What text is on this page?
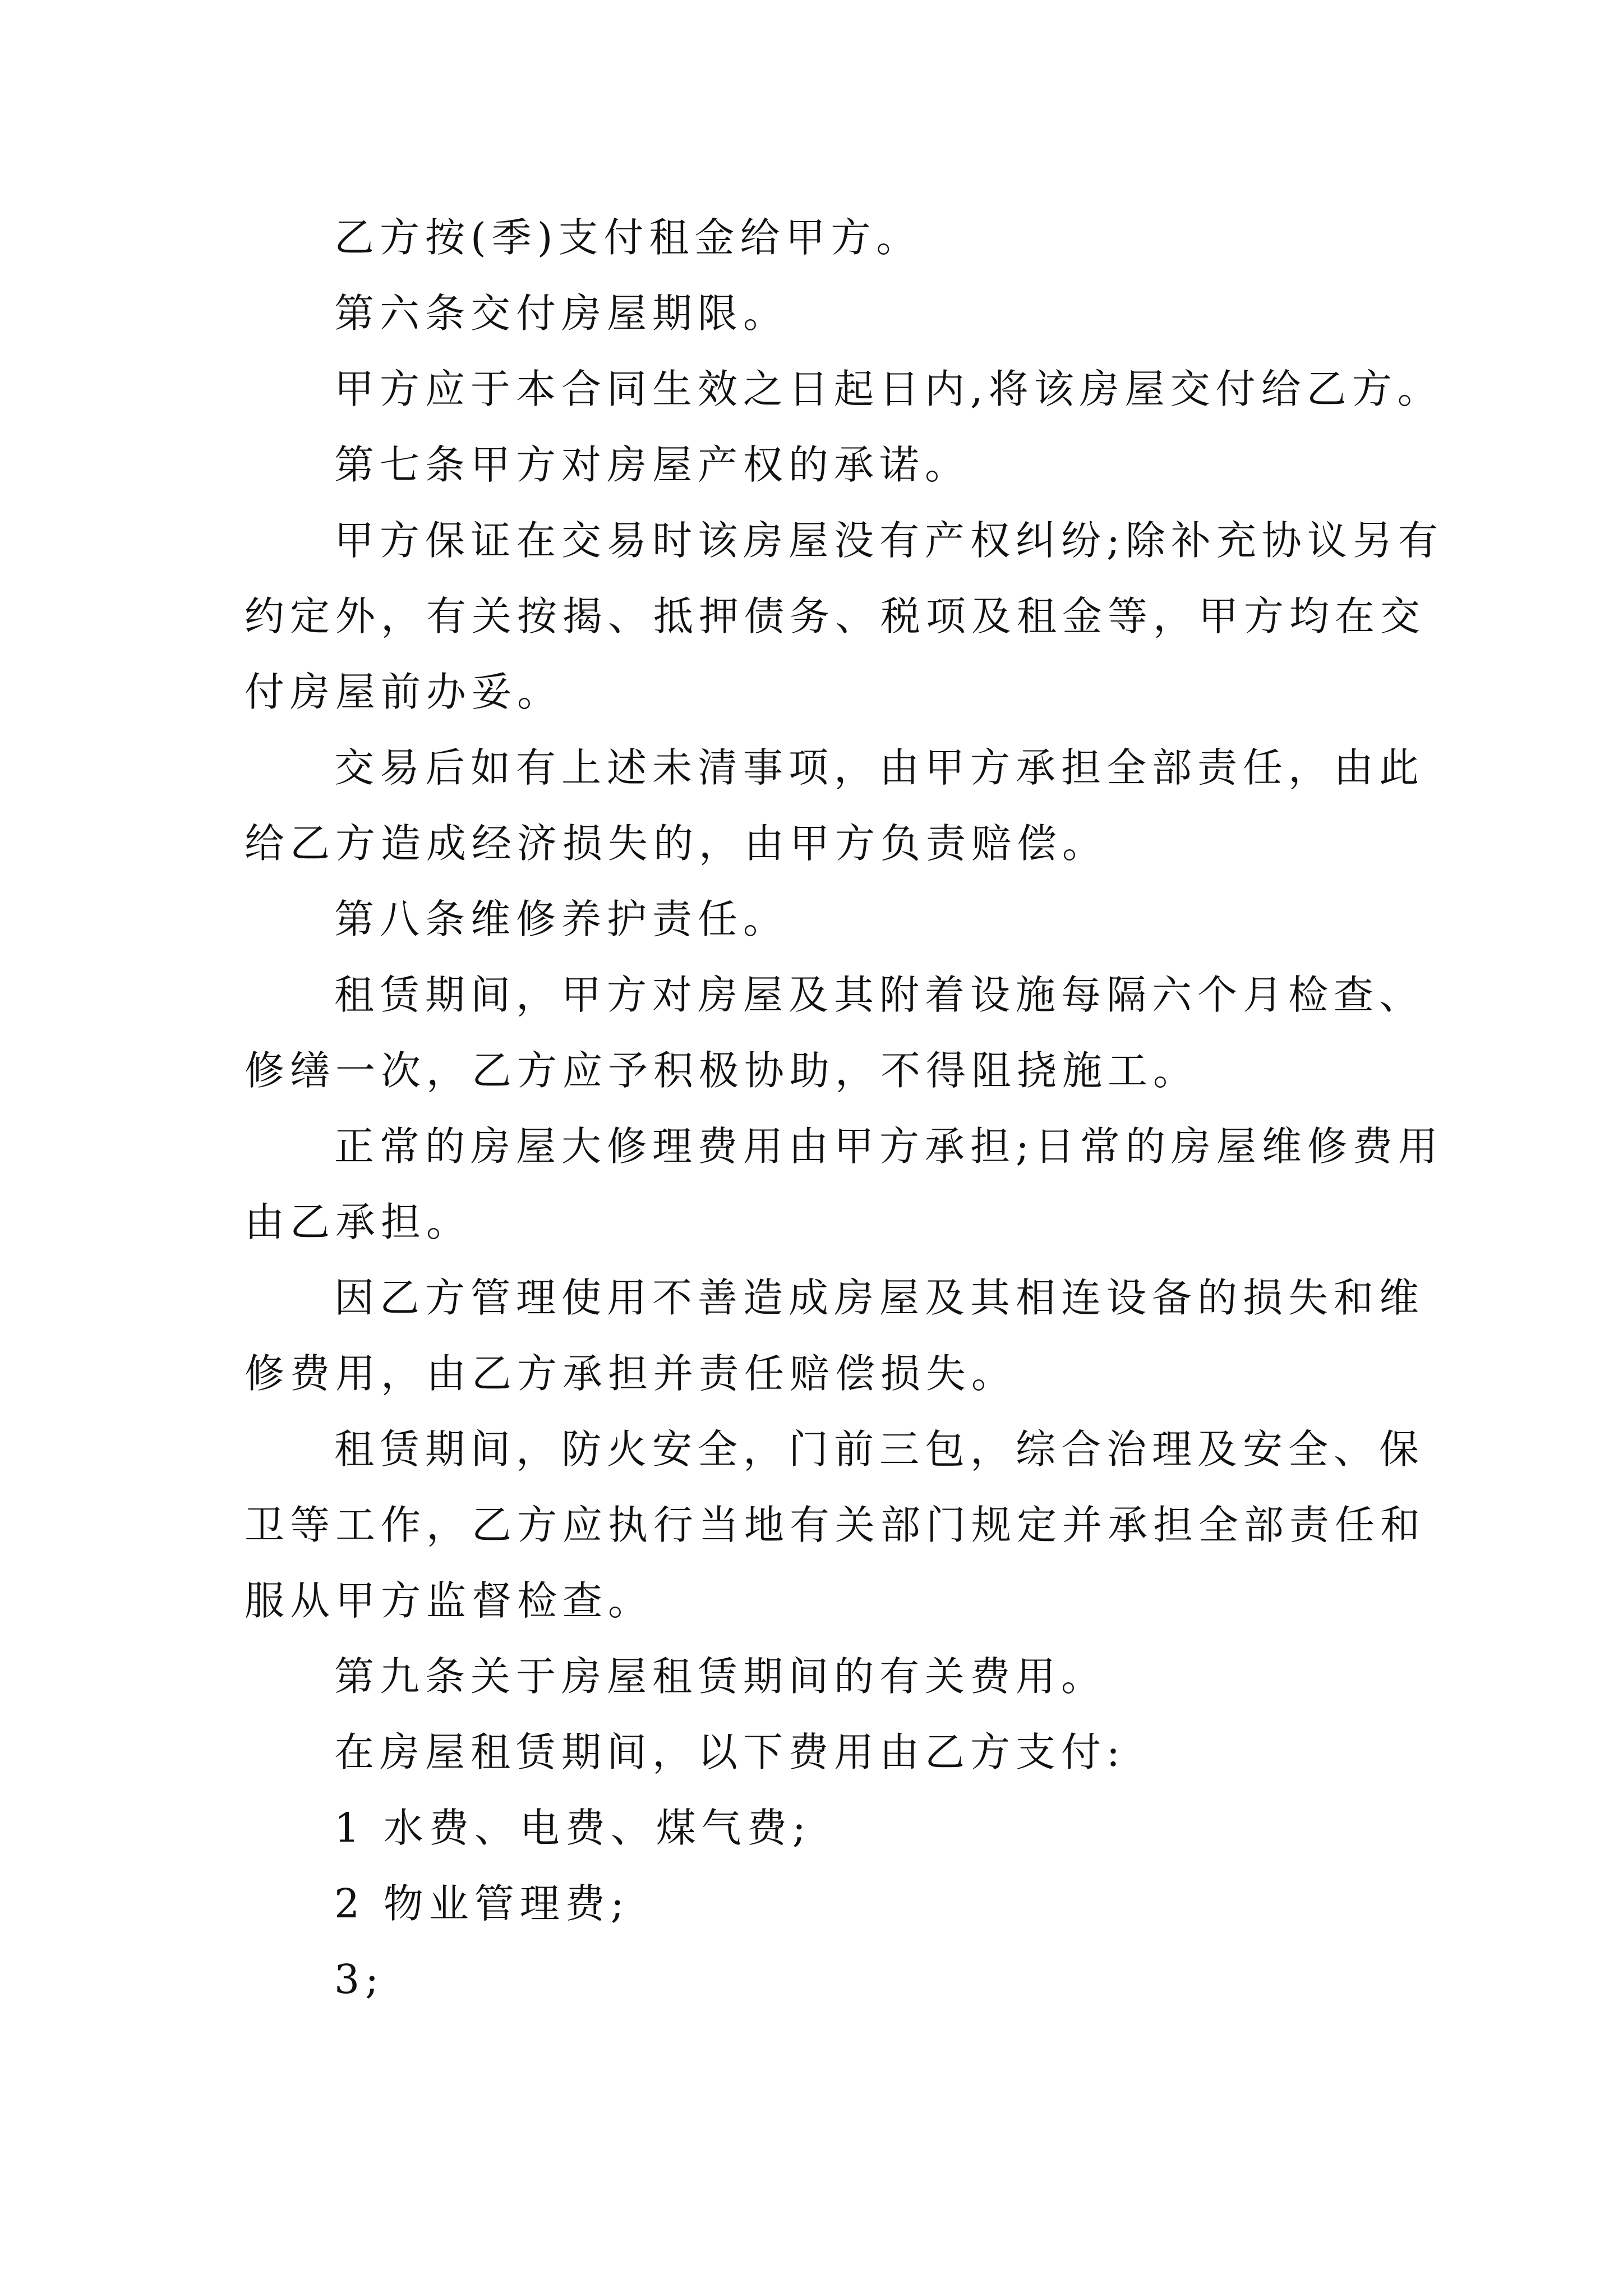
乙方按(季)支付租金给甲方。

第六条交付房屋期限。

甲方应于本合同生效之日起日内,将该房屋交付给乙方。

第七条甲方对房屋产权的承诺。

甲方保证在交易时该房屋没有产权纠纷;除补充协议另有约定外，有关按揭、抵押债务、税项及租金等，甲方均在交付房屋前办妥。

交易后如有上述未清事项，由甲方承担全部责任，由此给乙方造成经济损失的，由甲方负责赔偿。

第八条维修养护责任。

租赁期间，甲方对房屋及其附着设施每隔六个月检查、修缮一次，乙方应予积极协助，不得阻挠施工。

正常的房屋大修理费用由甲方承担;日常的房屋维修费用由乙承担。

因乙方管理使用不善造成房屋及其相连设备的损失和维修费用，由乙方承担并责任赔偿损失。

租赁期间，防火安全，门前三包，综合治理及安全、保卫等工作，乙方应执行当地有关部门规定并承担全部责任和服从甲方监督检查。

第九条关于房屋租赁期间的有关费用。

在房屋租赁期间，以下费用由乙方支付:

1 水费、电费、煤气费;

2 物业管理费;

3;
